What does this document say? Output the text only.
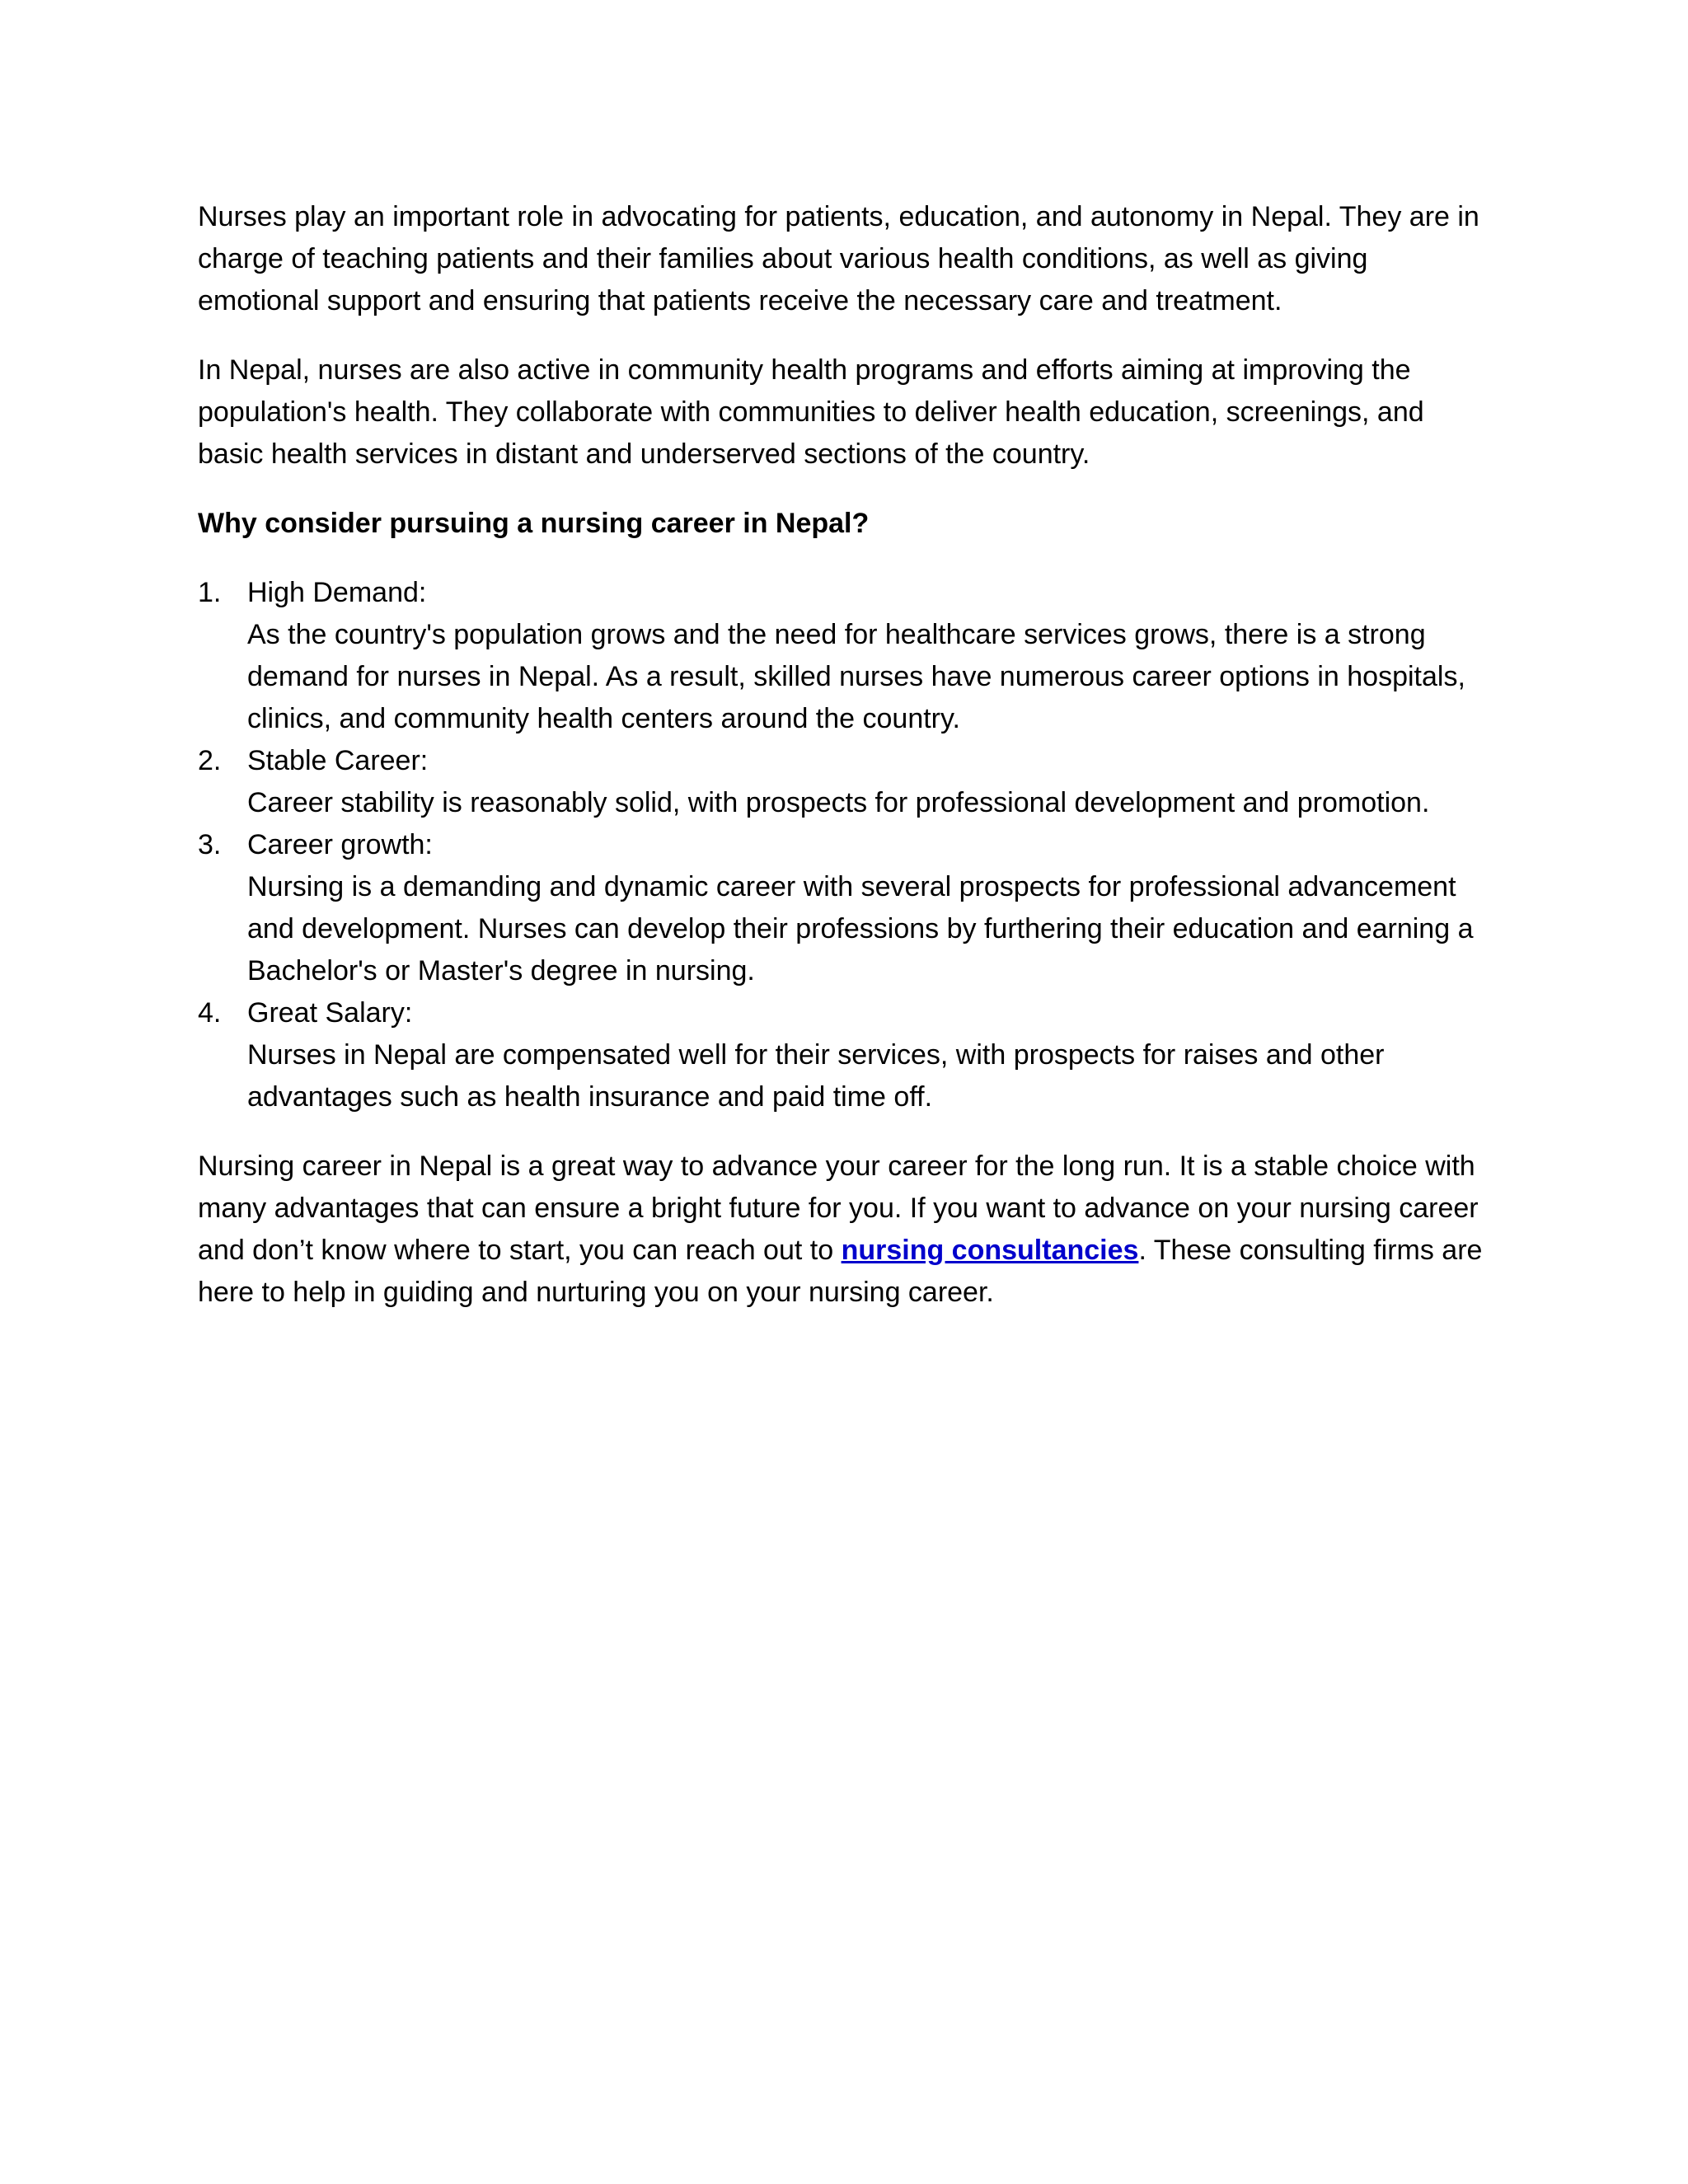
Nurses play an important role in advocating for patients, education, and autonomy in Nepal. They are in charge of teaching patients and their families about various health conditions, as well as giving emotional support and ensuring that patients receive the necessary care and treatment.

In Nepal, nurses are also active in community health programs and efforts aiming at improving the population's health. They collaborate with communities to deliver health education, screenings, and basic health services in distant and underserved sections of the country.

Why consider pursuing a nursing career in Nepal?

1. High Demand:
As the country's population grows and the need for healthcare services grows, there is a strong demand for nurses in Nepal. As a result, skilled nurses have numerous career options in hospitals, clinics, and community health centers around the country.
2. Stable Career:
Career stability is reasonably solid, with prospects for professional development and promotion.
3. Career growth:
Nursing is a demanding and dynamic career with several prospects for professional advancement and development. Nurses can develop their professions by furthering their education and earning a Bachelor's or Master's degree in nursing.
4. Great Salary:
Nurses in Nepal are compensated well for their services, with prospects for raises and other advantages such as health insurance and paid time off.

Nursing career in Nepal is a great way to advance your career for the long run. It is a stable choice with many advantages that can ensure a bright future for you. If you want to advance on your nursing career and don’t know where to start, you can reach out to nursing consultancies. These consulting firms are here to help in guiding and nurturing you on your nursing career.
